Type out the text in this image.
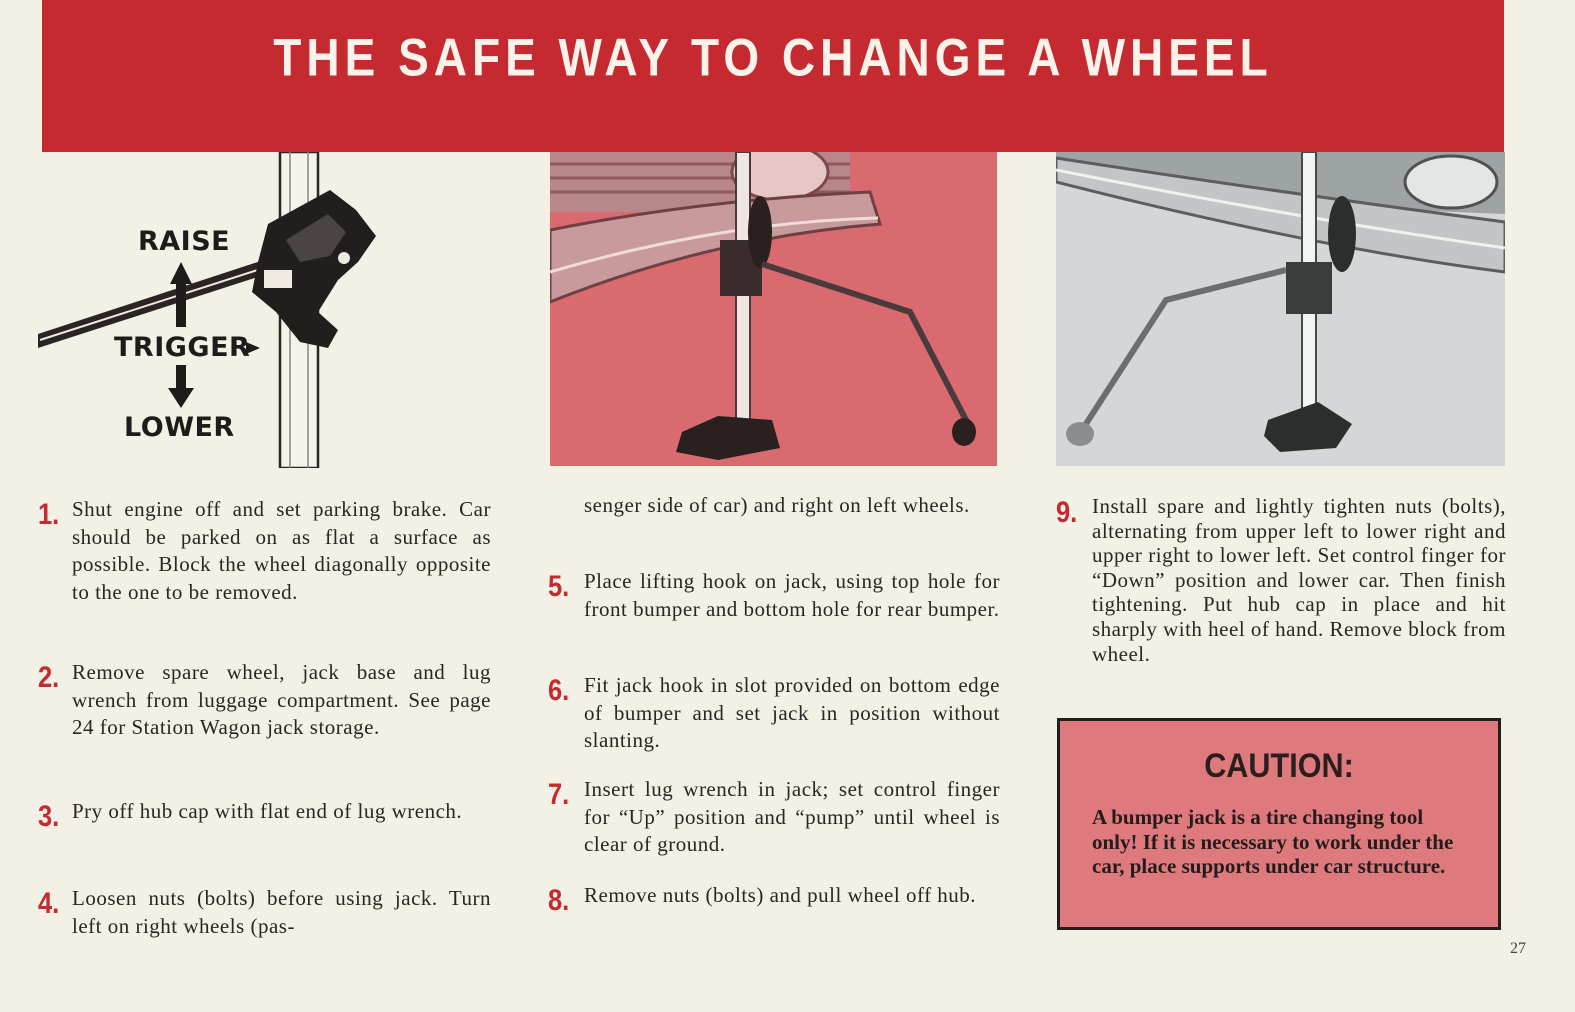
THE SAFE WAY TO CHANGE A WHEEL
RAISE
TRIGGER
LOWER
1. Shut engine off and set parking brake. Car should be parked on as flat a surface as possible. Block the wheel diagonally opposite to the one to be removed.
2. Remove spare wheel, jack base and lug wrench from luggage compartment. See page 24 for Station Wagon jack storage.
3. Pry off hub cap with flat end of lug wrench.
4. Loosen nuts (bolts) before using jack. Turn left on right wheels (pas-
senger side of car) and right on left wheels.
5. Place lifting hook on jack, using top hole for front bumper and bottom hole for rear bumper.
6. Fit jack hook in slot provided on bottom edge of bumper and set jack in position without slanting.
7. Insert lug wrench in jack; set control finger for “Up” position and “pump” until wheel is clear of ground.
8. Remove nuts (bolts) and pull wheel off hub.
9. Install spare and lightly tighten nuts (bolts), alternating from upper left to lower right and upper right to lower left. Set control finger for “Down” position and lower car. Then finish tightening. Put hub cap in place and hit sharply with heel of hand. Remove block from wheel.
CAUTION:
A bumper jack is a tire changing tool only! If it is necessary to work under the car, place supports under car structure.
27
